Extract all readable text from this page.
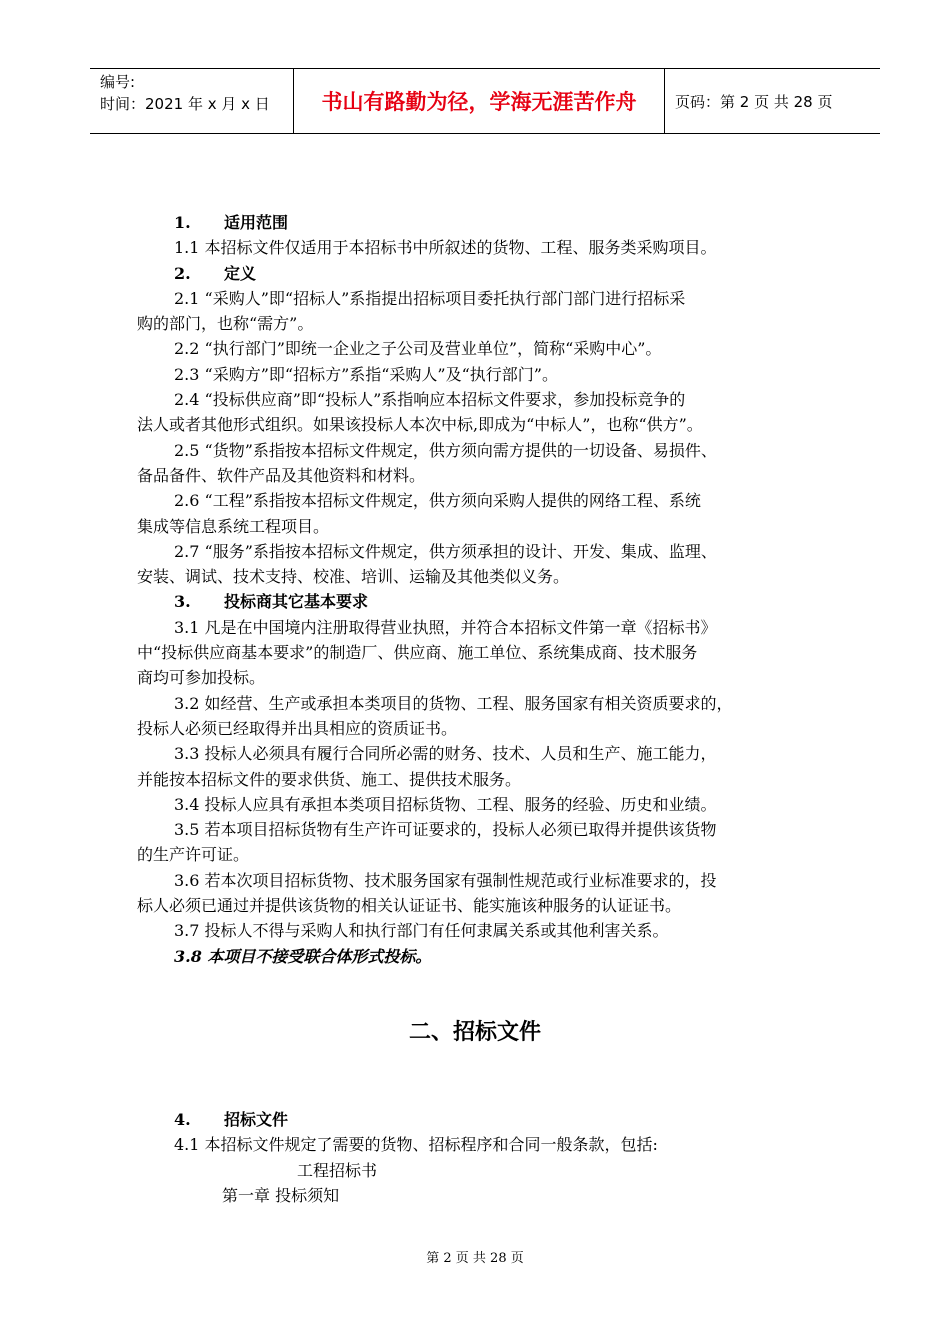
编号:
时间：2021 年 x 月 x 日	书山有路勤为径，学海无涯苦作舟	页码：第 2 页 共 28 页
1. 适用范围
1.1 本招标文件仅适用于本招标书中所叙述的货物、工程、服务类采购项目。
2. 定义
2.1 “采购人”即“招标人”系指提出招标项目委托执行部门部门进行招标采
购的部门，也称“需方”。
2.2 “执行部门”即统一企业之子公司及营业单位”，简称“采购中心”。
2.3 “采购方”即“招标方”系指“采购人”及“执行部门”。
2.4 “投标供应商”即“投标人”系指响应本招标文件要求，参加投标竞争的
法人或者其他形式组织。如果该投标人本次中标,即成为“中标人”，也称“供方”。
2.5 “货物”系指按本招标文件规定，供方须向需方提供的一切设备、易损件、
备品备件、软件产品及其他资料和材料。
2.6 “工程”系指按本招标文件规定，供方须向采购人提供的网络工程、系统
集成等信息系统工程项目。
2.7 “服务”系指按本招标文件规定，供方须承担的设计、开发、集成、监理、
安装、调试、技术支持、校准、培训、运输及其他类似义务。
3. 投标商其它基本要求
3.1 凡是在中国境内注册取得营业执照，并符合本招标文件第一章《招标书》
中“投标供应商基本要求”的制造厂、供应商、施工单位、系统集成商、技术服务
商均可参加投标。
3.2 如经营、生产或承担本类项目的货物、工程、服务国家有相关资质要求的，
投标人必须已经取得并出具相应的资质证书。
3.3 投标人必须具有履行合同所必需的财务、技术、人员和生产、施工能力，
并能按本招标文件的要求供货、施工、提供技术服务。
3.4 投标人应具有承担本类项目招标货物、工程、服务的经验、历史和业绩。
3.5 若本项目招标货物有生产许可证要求的，投标人必须已取得并提供该货物
的生产许可证。
3.6 若本次项目招标货物、技术服务国家有强制性规范或行业标准要求的，投
标人必须已通过并提供该货物的相关认证证书、能实施该种服务的认证证书。
3.7 投标人不得与采购人和执行部门有任何隶属关系或其他利害关系。
3.8 本项目不接受联合体形式投标。
二、招标文件
4. 招标文件
4.1 本招标文件规定了需要的货物、招标程序和合同一般条款，包括:
工程招标书
第一章 投标须知
第 2 页 共 28 页
